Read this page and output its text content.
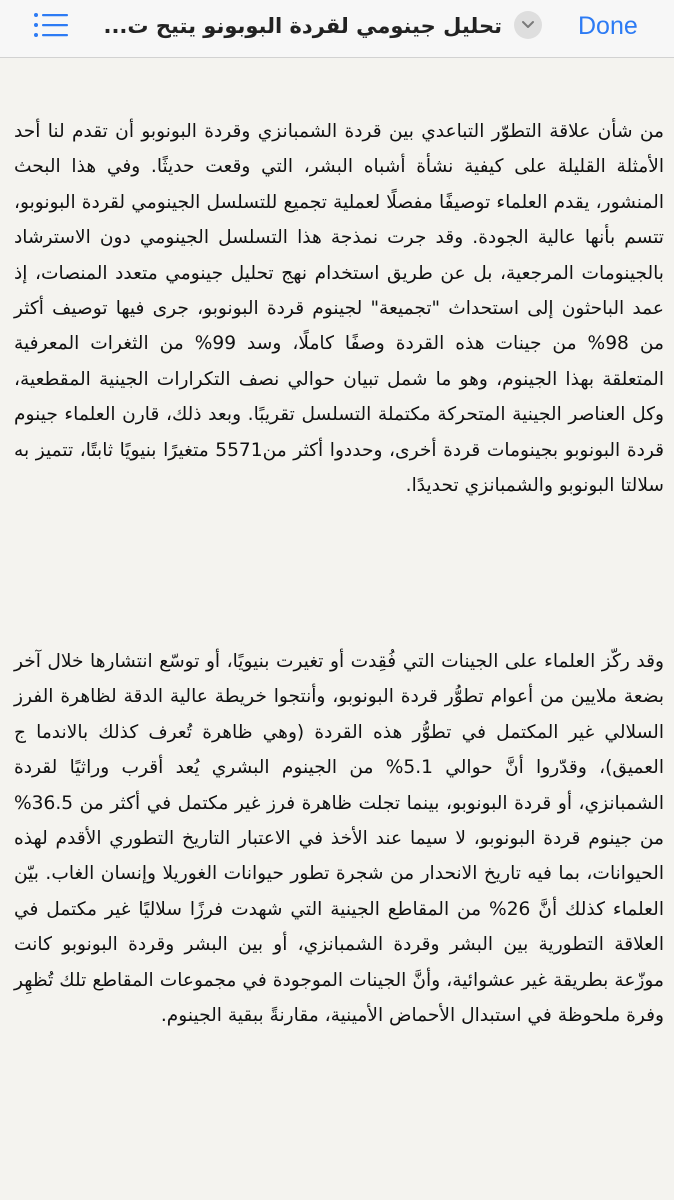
تحليل جينومي لقردة البوبونو يتيح ت...	Done

من شأن علاقة التطوّر التباعدي بين قردة الشمبانزي وقردة البونوبو أن تقدم لنا أحد الأمثلة القليلة على كيفية نشأة أشباه البشر، التي وقعت حديثًا. وفي هذا البحث المنشور، يقدم العلماء توصيفًا مفصلًا لعملية تجميع للتسلسل الجينومي لقردة البونوبو، تتسم بأنها عالية الجودة. وقد جرت نمذجة هذا التسلسل الجينومي دون الاسترشاد بالجينومات المرجعية، بل عن طريق استخدام نهج تحليل جينومي متعدد المنصات، إذ عمد الباحثون إلى استحداث "تجميعة" لجينوم قردة البونوبو، جرى فيها توصيف أكثر من 98% من جينات هذه القردة وصفًا كاملًا، وسد 99% من الثغرات المعرفية المتعلقة بهذا الجينوم، وهو ما شمل تبيان حوالي نصف التكرارات الجينية المقطعية، وكل العناصر الجينية المتحركة مكتملة التسلسل تقريبًا. وبعد ذلك، قارن العلماء جينوم قردة البونوبو بجينومات قردة أخرى، وحددوا أكثر من5571 متغيرًا بنيويًا ثابتًا، تتميز به سلالتا البونوبو والشمبانزي تحديدًا.

وقد ركّز العلماء على الجينات التي فُقِدت أو تغيرت بنيويًا، أو توسّع انتشارها خلال آخر بضعة ملايين من أعوام تطوُّر قردة البونوبو، وأنتجوا خريطة عالية الدقة لظاهرة الفرز السلالي غير المكتمل في تطوُّر هذه القردة (وهي ظاهرة تُعرف كذلك بالاندما ج العميق)، وقدّروا أنَّ حوالي 5.1% من الجينوم البشري يُعد أقرب وراثيًا لقردة الشمبانزي، أو قردة البونوبو، بينما تجلت ظاهرة فرز غير مكتمل في أكثر من 36.5% من جينوم قردة البونوبو، لا سيما عند الأخذ في الاعتبار التاريخ التطوري الأقدم لهذه الحيوانات، بما فيه تاريخ الانحدار من شجرة تطور حيوانات الغوريلا وإنسان الغاب. بيّن العلماء كذلك أنَّ 26% من المقاطع الجينية التي شهدت فرزًا سلاليًا غير مكتمل في العلاقة التطورية بين البشر وقردة الشمبانزي، أو بين البشر وقردة البونوبو كانت موزّعة بطريقة غير عشوائية، وأنَّ الجينات الموجودة في مجموعات المقاطع تلك تُظهِر وفرة ملحوظة في استبدال الأحماض الأمينية، مقارنةً ببقية الجينوم.
